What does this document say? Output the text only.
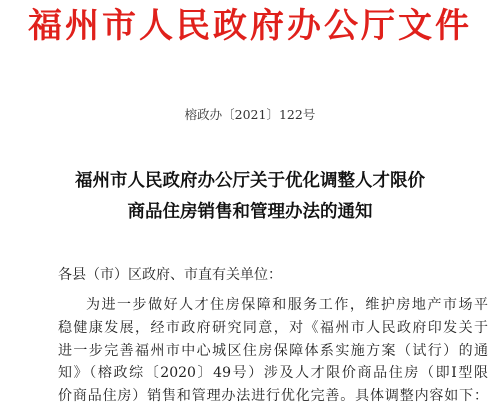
福州市人民政府办公厅文件
榕政办〔2021〕122号
福州市人民政府办公厅关于优化调整人才限价
商品住房销售和管理办法的通知
各县（市）区政府、市直有关单位：
为进一步做好人才住房保障和服务工作，维护房地产市场平
稳健康发展，经市政府研究同意，对《福州市人民政府印发关于
进一步完善福州市中心城区住房保障体系实施方案（试行）的通
知》（榕政综〔2020〕49号）涉及人才限价商品住房（即Ⅰ型限
价商品住房）销售和管理办法进行优化完善。具体调整内容如下：
